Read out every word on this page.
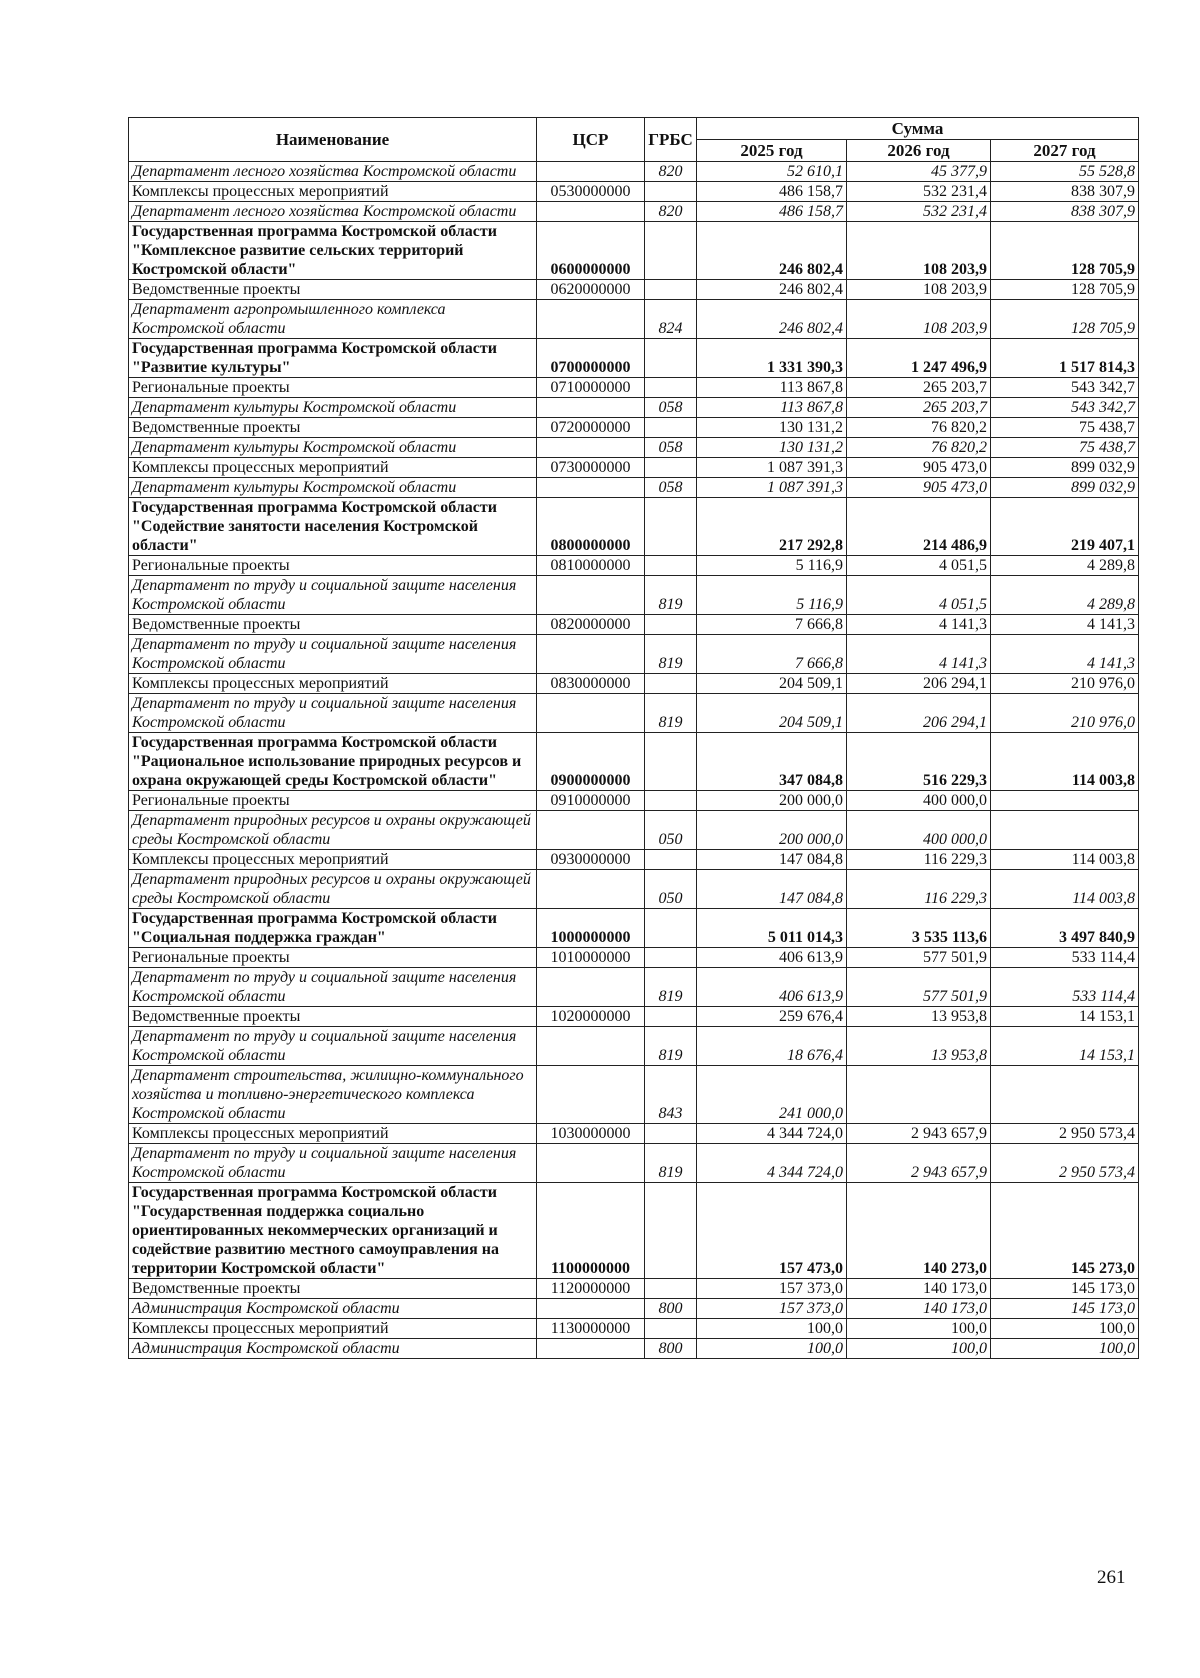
Наименование	ЦСР	ГРБС	Сумма		
			2025 год	2026 год	2027 год
Департамент лесного хозяйства Костромской области		820	52 610,1	45 377,9	55 528,8
Комплексы процессных мероприятий	0530000000		486 158,7	532 231,4	838 307,9
Департамент лесного хозяйства Костромской области		820	486 158,7	532 231,4	838 307,9
Государственная программа Костромской области "Комплексное развитие сельских территорий Костромской области"	0600000000		246 802,4	108 203,9	128 705,9
Ведомственные проекты	0620000000		246 802,4	108 203,9	128 705,9
Департамент агропромышленного комплекса Костромской области		824	246 802,4	108 203,9	128 705,9
Государственная программа Костромской области "Развитие культуры"	0700000000		1 331 390,3	1 247 496,9	1 517 814,3
Региональные проекты	0710000000		113 867,8	265 203,7	543 342,7
Департамент культуры Костромской области		058	113 867,8	265 203,7	543 342,7
Ведомственные проекты	0720000000		130 131,2	76 820,2	75 438,7
Департамент культуры Костромской области		058	130 131,2	76 820,2	75 438,7
Комплексы процессных мероприятий	0730000000		1 087 391,3	905 473,0	899 032,9
Департамент культуры Костромской области		058	1 087 391,3	905 473,0	899 032,9
Государственная программа Костромской области "Содействие занятости населения Костромской области"	0800000000		217 292,8	214 486,9	219 407,1
Региональные проекты	0810000000		5 116,9	4 051,5	4 289,8
Департамент по труду и социальной защите населения Костромской области		819	5 116,9	4 051,5	4 289,8
Ведомственные проекты	0820000000		7 666,8	4 141,3	4 141,3
Департамент по труду и социальной защите населения Костромской области		819	7 666,8	4 141,3	4 141,3
Комплексы процессных мероприятий	0830000000		204 509,1	206 294,1	210 976,0
Департамент по труду и социальной защите населения Костромской области		819	204 509,1	206 294,1	210 976,0
Государственная программа Костромской области "Рациональное использование природных ресурсов и охрана окружающей среды Костромской области"	0900000000		347 084,8	516 229,3	114 003,8
Региональные проекты	0910000000		200 000,0	400 000,0	
Департамент природных ресурсов и охраны окружающей среды Костромской области		050	200 000,0	400 000,0	
Комплексы процессных мероприятий	0930000000		147 084,8	116 229,3	114 003,8
Департамент природных ресурсов и охраны окружающей среды Костромской области		050	147 084,8	116 229,3	114 003,8
Государственная программа Костромской области "Социальная поддержка граждан"	1000000000		5 011 014,3	3 535 113,6	3 497 840,9
Региональные проекты	1010000000		406 613,9	577 501,9	533 114,4
Департамент по труду и социальной защите населения Костромской области		819	406 613,9	577 501,9	533 114,4
Ведомственные проекты	1020000000		259 676,4	13 953,8	14 153,1
Департамент по труду и социальной защите населения Костромской области		819	18 676,4	13 953,8	14 153,1
Департамент строительства, жилищно-коммунального хозяйства и топливно-энергетического комплекса Костромской области		843	241 000,0		
Комплексы процессных мероприятий	1030000000		4 344 724,0	2 943 657,9	2 950 573,4
Департамент по труду и социальной защите населения Костромской области		819	4 344 724,0	2 943 657,9	2 950 573,4
Государственная программа Костромской области "Государственная поддержка социально ориентированных некоммерческих организаций и содействие развитию местного самоуправления на территории Костромской области"	1100000000		157 473,0	140 273,0	145 273,0
Ведомственные проекты	1120000000		157 373,0	140 173,0	145 173,0
Администрация Костромской области		800	157 373,0	140 173,0	145 173,0
Комплексы процессных мероприятий	1130000000		100,0	100,0	100,0
Администрация Костромской области		800	100,0	100,0	100,0
261
